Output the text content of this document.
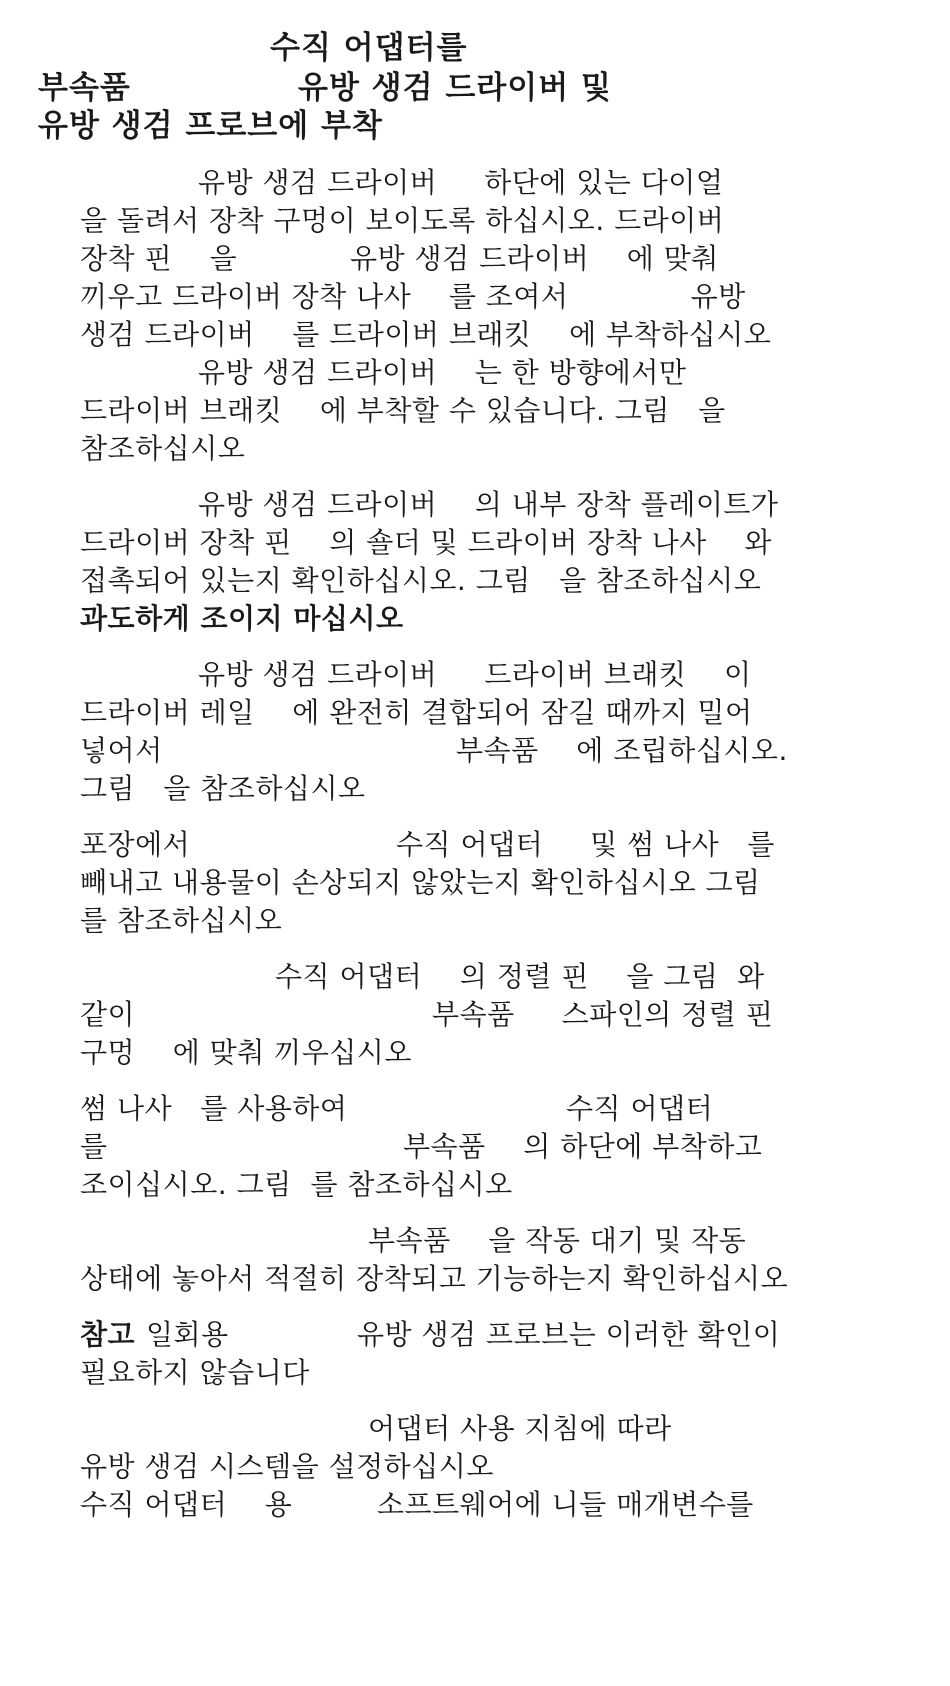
수직 어댑터를
부속품	유방 생검 드라이버 및
유방 생검 프로브에 부착
유방 생검 드라이버     하단에 있는 다이얼
을 돌려서 장착 구멍이 보이도록 하십시오. 드라이버
장착 핀    을            유방 생검 드라이버    에 맞춰
끼우고 드라이버 장착 나사    를 조여서             유방
생검 드라이버    를 드라이버 브래킷    에 부착하십시오
유방 생검 드라이버    는 한 방향에서만
드라이버 브래킷    에 부착할 수 있습니다. 그림   을
참조하십시오
유방 생검 드라이버    의 내부 장착 플레이트가
드라이버 장착 핀    의 숄더 및 드라이버 장착 나사    와
접촉되어 있는지 확인하십시오. 그림   을 참조하십시오
과도하게 조이지 마십시오
유방 생검 드라이버     드라이버 브래킷    이
드라이버 레일    에 완전히 결합되어 잠길 때까지 밀어
넣어서	부속품    에 조립하십시오.
그림   을 참조하십시오
포장에서	수직 어댑터     및 썸 나사   를
빼내고 내용물이 손상되지 않았는지 확인하십시오 그림
를 참조하십시오
수직 어댑터    의 정렬 핀    을 그림  와
같이	부속품     스파인의 정렬 핀
구멍    에 맞춰 끼우십시오
썸 나사   를 사용하여	수직 어댑터
를	부속품    의 하단에 부착하고
조이십시오. 그림  를 참조하십시오
부속품    을 작동 대기 및 작동
상태에 놓아서 적절히 장착되고 기능하는지 확인하십시오
참고 일회용	유방 생검 프로브는 이러한 확인이
필요하지 않습니다
어댑터 사용 지침에 따라
유방 생검 시스템을 설정하십시오
수직 어댑터    용         소프트웨어에 니들 매개변수를
